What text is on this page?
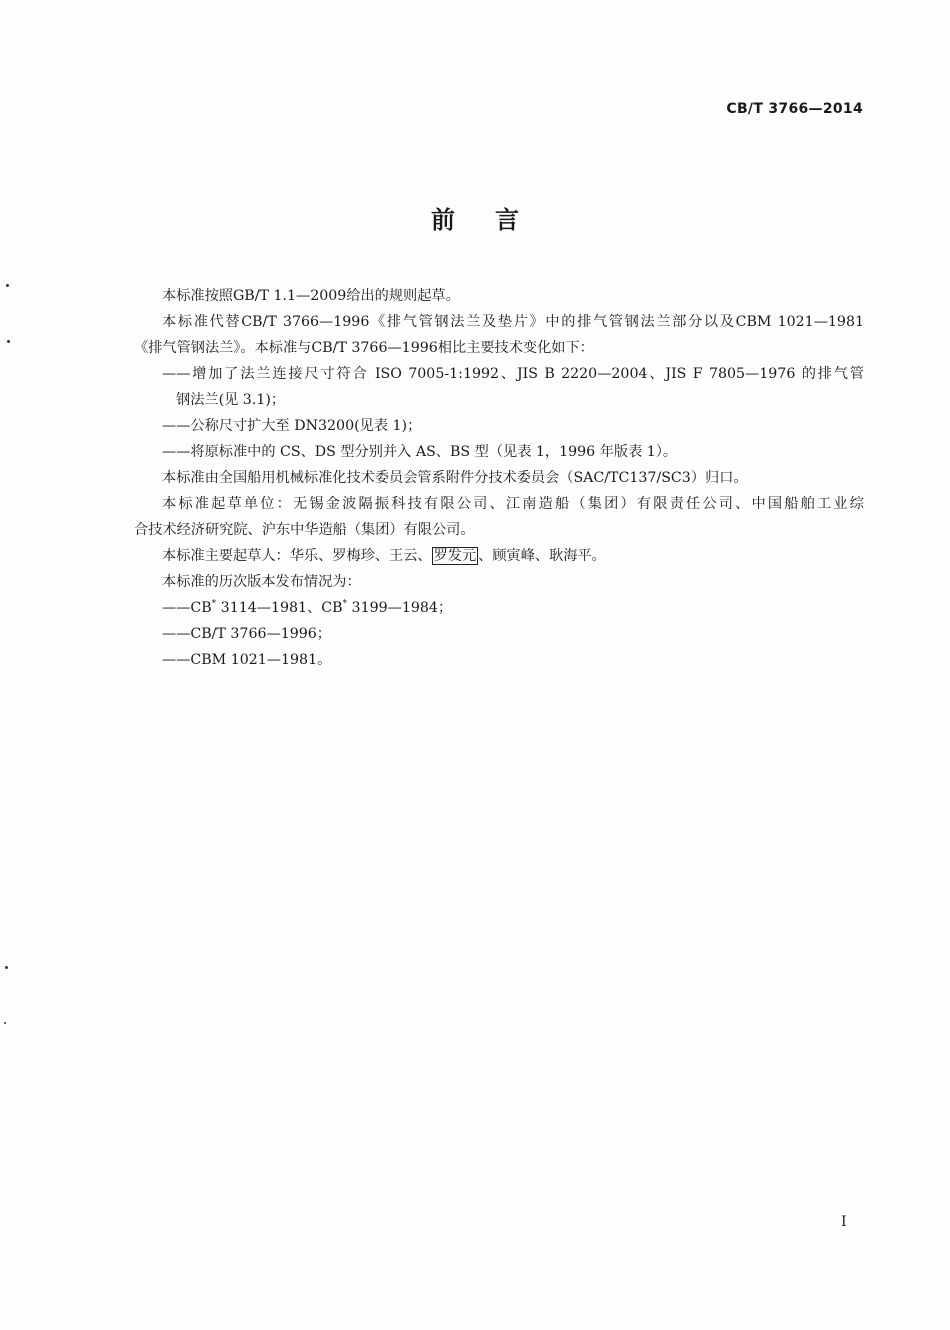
CB/T 3766—2014
前言

本标准按照GB/T 1.1—2009给出的规则起草。

本标准代替CB/T 3766—1996《排气管钢法兰及垫片》中的排气管钢法兰部分以及CBM 1021—1981

《排气管钢法兰》。本标准与CB/T 3766—1996相比主要技术变化如下：

——增加了法兰连接尺寸符合 ISO 7005-1:1992、JIS B 2220—2004、JIS F 7805—1976 的排气管

钢法兰(见 3.1)；

——公称尺寸扩大至 DN3200(见表 1)；

——将原标准中的 CS、DS 型分别并入 AS、BS 型（见表 1，1996 年版表 1）。

本标准由全国船用机械标准化技术委员会管系附件分技术委员会（SAC/TC137/SC3）归口。

本标准起草单位：无锡金波隔振科技有限公司、江南造船（集团）有限责任公司、中国船舶工业综

合技术经济研究院、沪东中华造船（集团）有限公司。

本标准主要起草人：华乐、罗梅珍、王云、 罗发元 、顾寅峰、耿海平。

本标准的历次版本发布情况为：

——CB* 3114—1981、CB* 3199—1984；

——CB/T 3766—1996；

——CBM 1021—1981。

I
